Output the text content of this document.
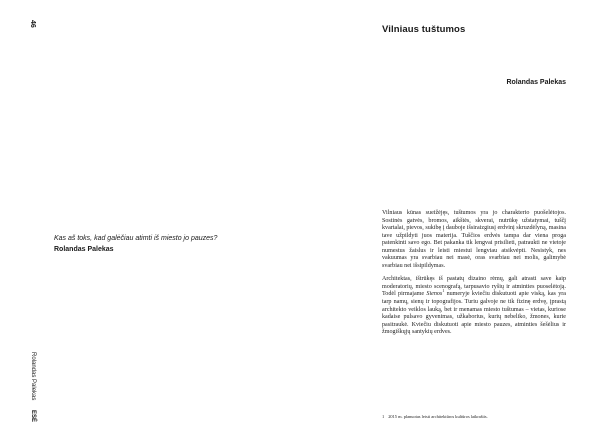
46
Rolandas Palekas
ESĖ
Kas aš toks, kad galėčiau atimti iš miesto jo pauzes?
Rolandas Palekas
Vilniaus tuštumos
Rolandas Palekas

Vilniaus kūnas sueižėjęs, tuštumos yra jo charakterio puošelėtojos. Sostinės gatvės, bromos, aikštės, skverai, nutrūkę užstatymai, tuščį kvartalai, pievos, sukibę į dauboje išsiraizgiusį erdvinį skruzdėlyną, masina tave užpildyti juos materija. Tuščios erdvės tampa dar viena proga patenkinti savo ego. Bet pakanka tik lengvai prisilieti, patraukti ne vietoje numestus žaislus ir leisti miestui lengviau atsikvėpti. Nesistyk, nes vakuumas yra svarbiau nei masė, oras svarbiau nei molis, galimybė svarbiau nei išsipildymas.

Architektas, ištrūkęs iš pastatų dizaino rėmų, gali atrasti save kaip moderatorių, miesto scenografą, tarpusavio ryšių ir atminties puoselėtoją. Todėl pirmajame Sienos$^1$ numeryje kviečiu diskutuoti apie viską, kas yra tarp namų, sienų ir topografijos. Turiu galvoje ne tik fizinę erdvę, įprastą architekto veiklos lauką, bet ir menamas miesto tuštumas – vietas, kuriose kadaise pulsavo gyvenimas, užkaborius, kurių nebeliko, žmones, kurie pasitraukė. Kviečiu diskutuoti apie miesto pauzes, atminties šešėlius ir žmogiškųjų santykių erdves.

1 2015 m. planuotas leisti architektūros kultūros laikraštis.
